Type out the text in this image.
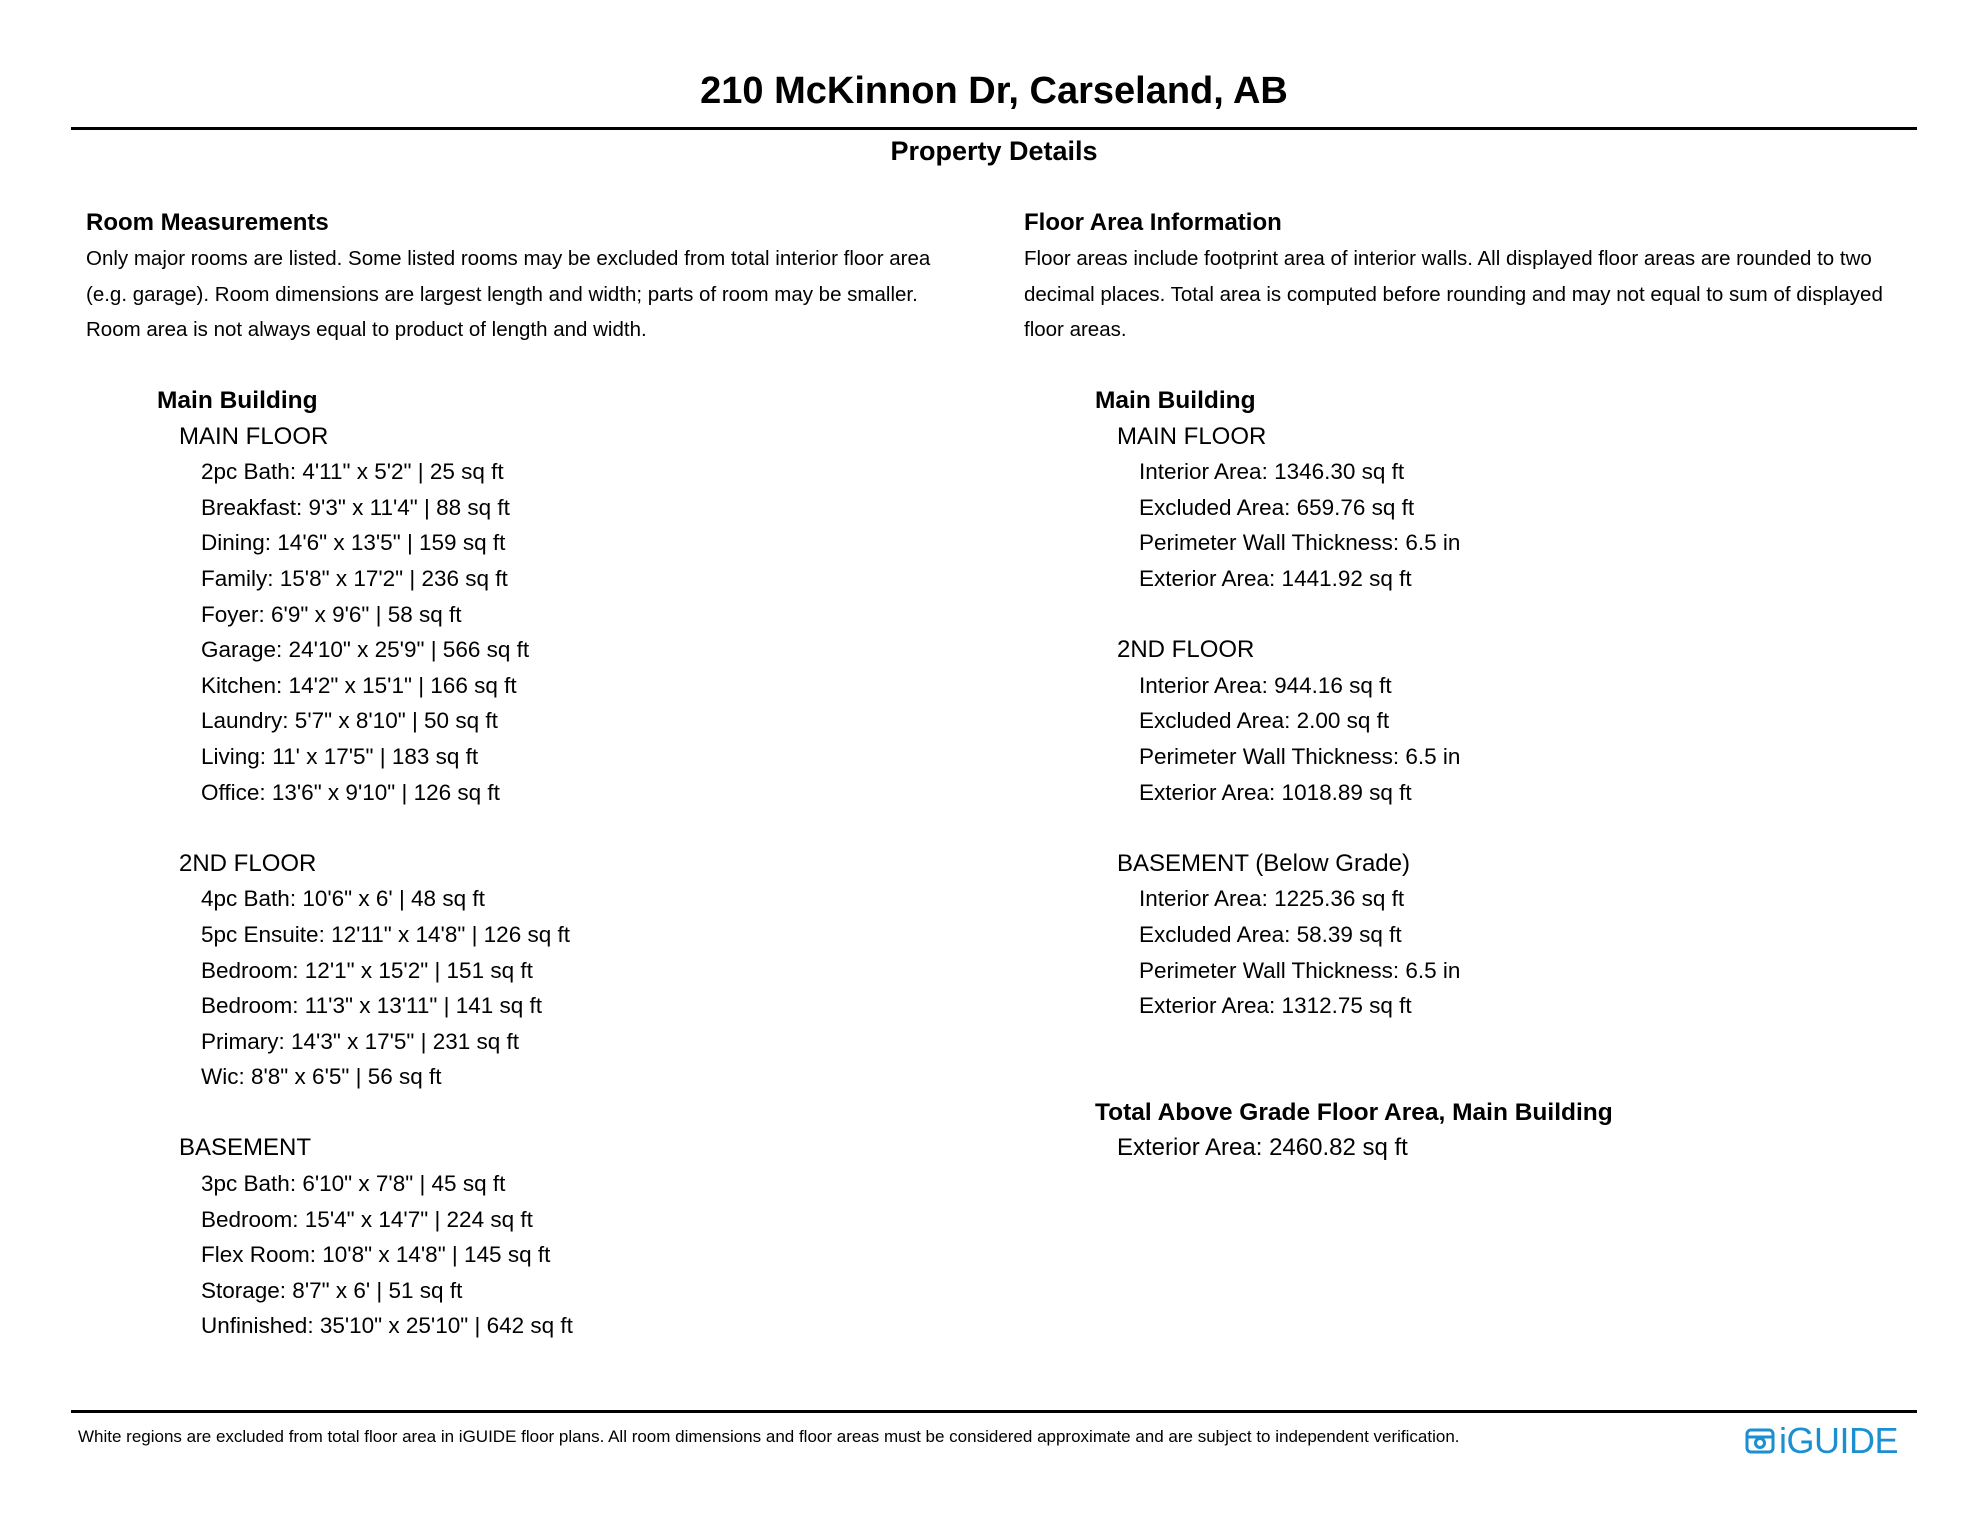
210 McKinnon Dr, Carseland, AB
Property Details
Room Measurements

Only major rooms are listed. Some listed rooms may be excluded from total interior floor area
(e.g. garage). Room dimensions are largest length and width; parts of room may be smaller.
Room area is not always equal to product of length and width.

Main Building
MAIN FLOOR
2pc Bath: 4'11" x 5'2" | 25 sq ft
Breakfast: 9'3" x 11'4" | 88 sq ft
Dining: 14'6" x 13'5" | 159 sq ft
Family: 15'8" x 17'2" | 236 sq ft
Foyer: 6'9" x 9'6" | 58 sq ft
Garage: 24'10" x 25'9" | 566 sq ft
Kitchen: 14'2" x 15'1" | 166 sq ft
Laundry: 5'7" x 8'10" | 50 sq ft
Living: 11' x 17'5" | 183 sq ft
Office: 13'6" x 9'10" | 126 sq ft
2ND FLOOR
4pc Bath: 10'6" x 6' | 48 sq ft
5pc Ensuite: 12'11" x 14'8" | 126 sq ft
Bedroom: 12'1" x 15'2" | 151 sq ft
Bedroom: 11'3" x 13'11" | 141 sq ft
Primary: 14'3" x 17'5" | 231 sq ft
Wic: 8'8" x 6'5" | 56 sq ft
BASEMENT
3pc Bath: 6'10" x 7'8" | 45 sq ft
Bedroom: 15'4" x 14'7" | 224 sq ft
Flex Room: 10'8" x 14'8" | 145 sq ft
Storage: 8'7" x 6' | 51 sq ft
Unfinished: 35'10" x 25'10" | 642 sq ft
Floor Area Information

Floor areas include footprint area of interior walls. All displayed floor areas are rounded to two
decimal places. Total area is computed before rounding and may not equal to sum of displayed
floor areas.

Main Building
MAIN FLOOR
Interior Area: 1346.30 sq ft
Excluded Area: 659.76 sq ft
Perimeter Wall Thickness: 6.5 in
Exterior Area: 1441.92 sq ft
2ND FLOOR
Interior Area: 944.16 sq ft
Excluded Area: 2.00 sq ft
Perimeter Wall Thickness: 6.5 in
Exterior Area: 1018.89 sq ft
BASEMENT (Below Grade)
Interior Area: 1225.36 sq ft
Excluded Area: 58.39 sq ft
Perimeter Wall Thickness: 6.5 in
Exterior Area: 1312.75 sq ft
Total Above Grade Floor Area, Main Building
Exterior Area: 2460.82 sq ft
White regions are excluded from total floor area in iGUIDE floor plans. All room dimensions and floor areas must be considered approximate and are subject to independent verification.	iGUIDE
